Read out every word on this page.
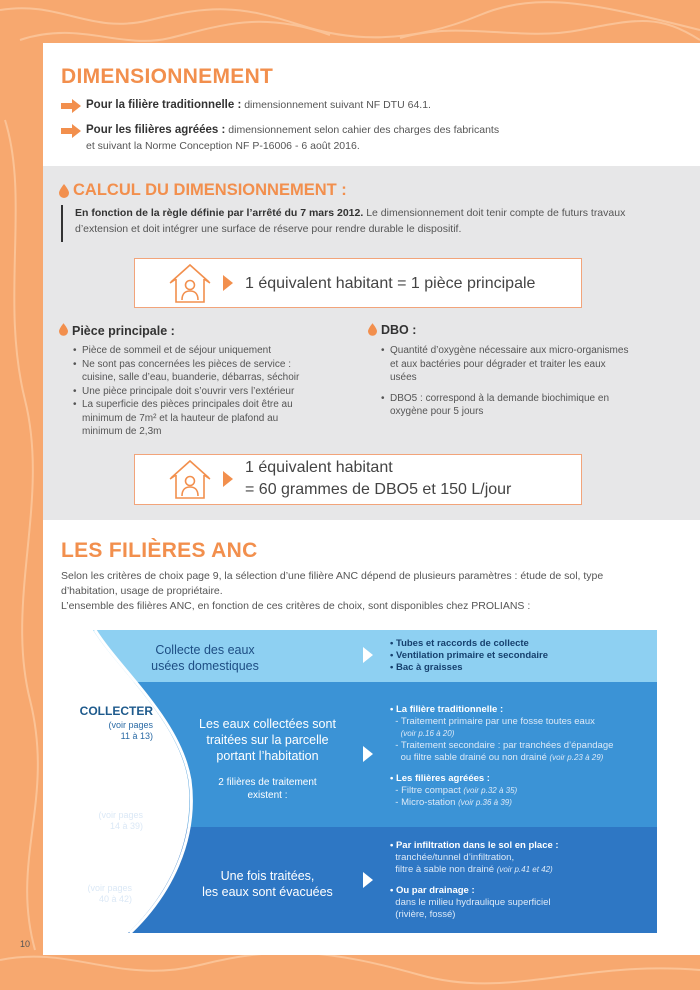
DIMENSIONNEMENT
Pour la filière traditionnelle : dimensionnement suivant NF DTU 64.1.
Pour les filières agréées : dimensionnement selon cahier des charges des fabricants
et suivant la Norme Conception NF P-16006 - 6 août 2016.
CALCUL DU DIMENSIONNEMENT :
En fonction de la règle définie par l’arrêté du 7 mars 2012. Le dimensionnement doit tenir compte de futurs travaux
d’extension et doit intégrer une surface de réserve pour rendre durable le dispositif.
1 équivalent habitant = 1 pièce principale
Pièce principale :
• Pièce de sommeil et de séjour uniquement
• Ne sont pas concernées les pièces de service :
cuisine, salle d’eau, buanderie, débarras, séchoir
• Une pièce principale doit s’ouvrir vers l’extérieur
• La superficie des pièces principales doit être au
minimum de 7m² et la hauteur de plafond au
minimum de 2,3m
DBO :
• Quantité d’oxygène nécessaire aux micro-organismes
et aux bactéries pour dégrader et traiter les eaux
usées
• DBO5 : correspond à la demande biochimique en
oxygène pour 5 jours
1 équivalent habitant
= 60 grammes de DBO5 et 150 L/jour
LES FILIÈRES ANC
Selon les critères de choix page 9, la sélection d’une filière ANC dépend de plusieurs paramètres : étude de sol, type
d’habitation, usage de propriétaire.
L’ensemble des filières ANC, en fonction de ces critères de choix, sont disponibles chez PROLIANS :
COLLECTER
(voir pages
11 à 13)
TRAITER
(voir pages
14 à 39)
ÉVACUER
(voir pages
40 à 42)
Collecte des eaux
usées domestiques
• Tubes et raccords de collecte
• Ventilation primaire et secondaire
• Bac à graisses
Les eaux collectées sont
traitées sur la parcelle
portant l’habitation
2 filières de traitement
existent :
• La filière traditionnelle :
- Traitement primaire par une fosse toutes eaux
(voir p.16 à 20)
- Traitement secondaire : par tranchées d’épandage
ou filtre sable drainé ou non drainé (voir p.23 à 29)
• Les filières agréées :
- Filtre compact (voir p.32 à 35)
- Micro-station (voir p.36 à 39)
Une fois traitées,
les eaux sont évacuées
• Par infiltration dans le sol en place :
tranchée/tunnel d’infiltration,
filtre à sable non drainé (voir p.41 et 42)
• Ou par drainage :
dans le milieu hydraulique superficiel
(rivière, fossé)
10
